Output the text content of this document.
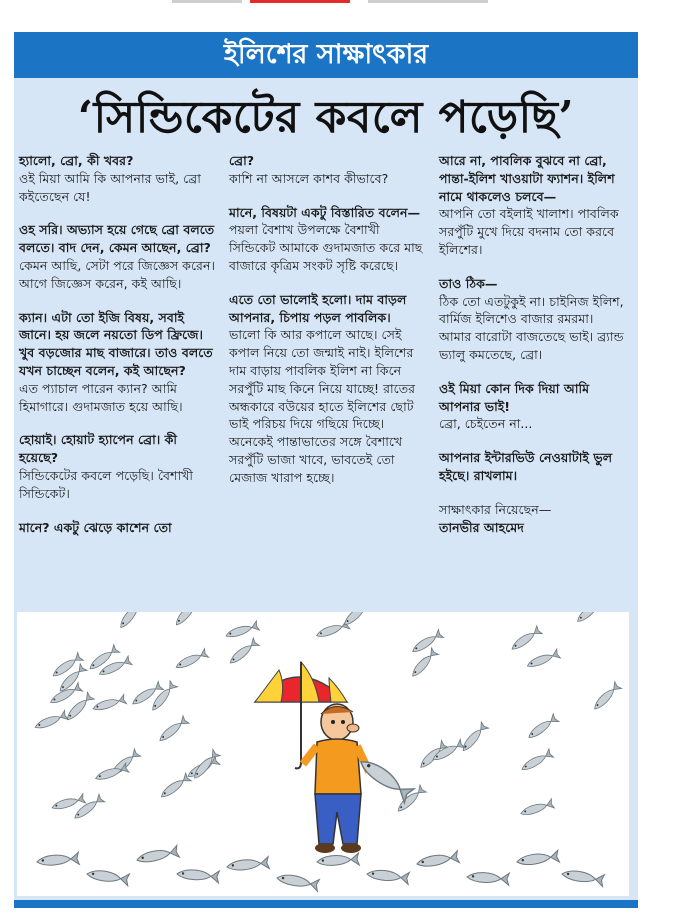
ইলিশের সাক্ষাৎকার
‘সিন্ডিকেটের কবলে পড়েছি’
হ্যালো, ব্রো, কী খবর?
ওই মিয়া আমি কি আপনার ভাই, ব্রো কইতেছেন যে!
ওহ সরি। অভ্যাস হয়ে গেছে ব্রো বলতে বলতে। বাদ দেন, কেমন আছেন, ব্রো?
কেমন আছি, সেটা পরে জিজ্ঞেস করেন। আগে জিজ্ঞেস করেন, কই আছি।
ক্যান। এটা তো ইজি বিষয়, সবাই জানে। হয় জলে নয়তো ডিপ ফ্রিজে। খুব বড়জোর মাছ বাজারে। তাও বলতে যখন চাচ্ছেন বলেন, কই আছেন?
এত প্যাচাল পারেন ক্যান? আমি হিমাগারে। গুদামজাত হয়ে আছি।
হোয়াই। হোয়াট হ্যাপেন ব্রো। কী হয়েছে?
সিন্ডিকেটের কবলে পড়েছি। বৈশাখী সিন্ডিকেট।
মানে? একটু ঝেড়ে কাশেন তো
ব্রো?
কাশি না আসলে কাশব কীভাবে?
মানে, বিষয়টা একটু বিস্তারিত বলেন—
পয়লা বৈশাখ উপলক্ষে বৈশাখী সিন্ডিকেট আমাকে গুদামজাত করে মাছ বাজারে কৃত্রিম সংকট সৃষ্টি করেছে।
এতে তো ভালোই হলো। দাম বাড়ল আপনার, চিপায় পড়ল পাবলিক।
ভালো কি আর কপালে আছে। সেই কপাল নিয়ে তো জন্মাই নাই। ইলিশের দাম বাড়ায় পাবলিক ইলিশ না কিনে সরপুঁটি মাছ কিনে নিয়ে যাচ্ছে! রাতের অন্ধকারে বউয়ের হাতে ইলিশের ছোট ভাই পরিচয় দিয়ে গছিয়ে দিচ্ছে। অনেকেই পান্তাভাতের সঙ্গে বৈশাখে সরপুঁটি ভাজা খাবে, ভাবতেই তো মেজাজ খারাপ হচ্ছে।
আরে না, পাবলিক বুঝবে না ব্রো, পান্তা-ইলিশ খাওয়াটা ফ্যাশন। ইলিশ নামে থাকলেও চলবে—
আপনি তো বইলাই খালাশ। পাবলিক সরপুঁটি মুখে দিয়ে বদনাম তো করবে ইলিশের।
তাও ঠিক—
ঠিক তো এতটুকুই না। চাইনিজ ইলিশ, বার্মিজ ইলিশেও বাজার রমরমা। আমার বারোটা বাজতেছে ভাই। ব্র্যান্ড ভ্যালু কমতেছে, ব্রো।
ওই মিয়া কোন দিক দিয়া আমি আপনার ভাই!
ব্রো, চেইতেন না...
আপনার ইন্টারভিউ নেওয়াটাই ভুল হইছে। রাখলাম।
সাক্ষাৎকার নিয়েছেন—
তানভীর আহমেদ
